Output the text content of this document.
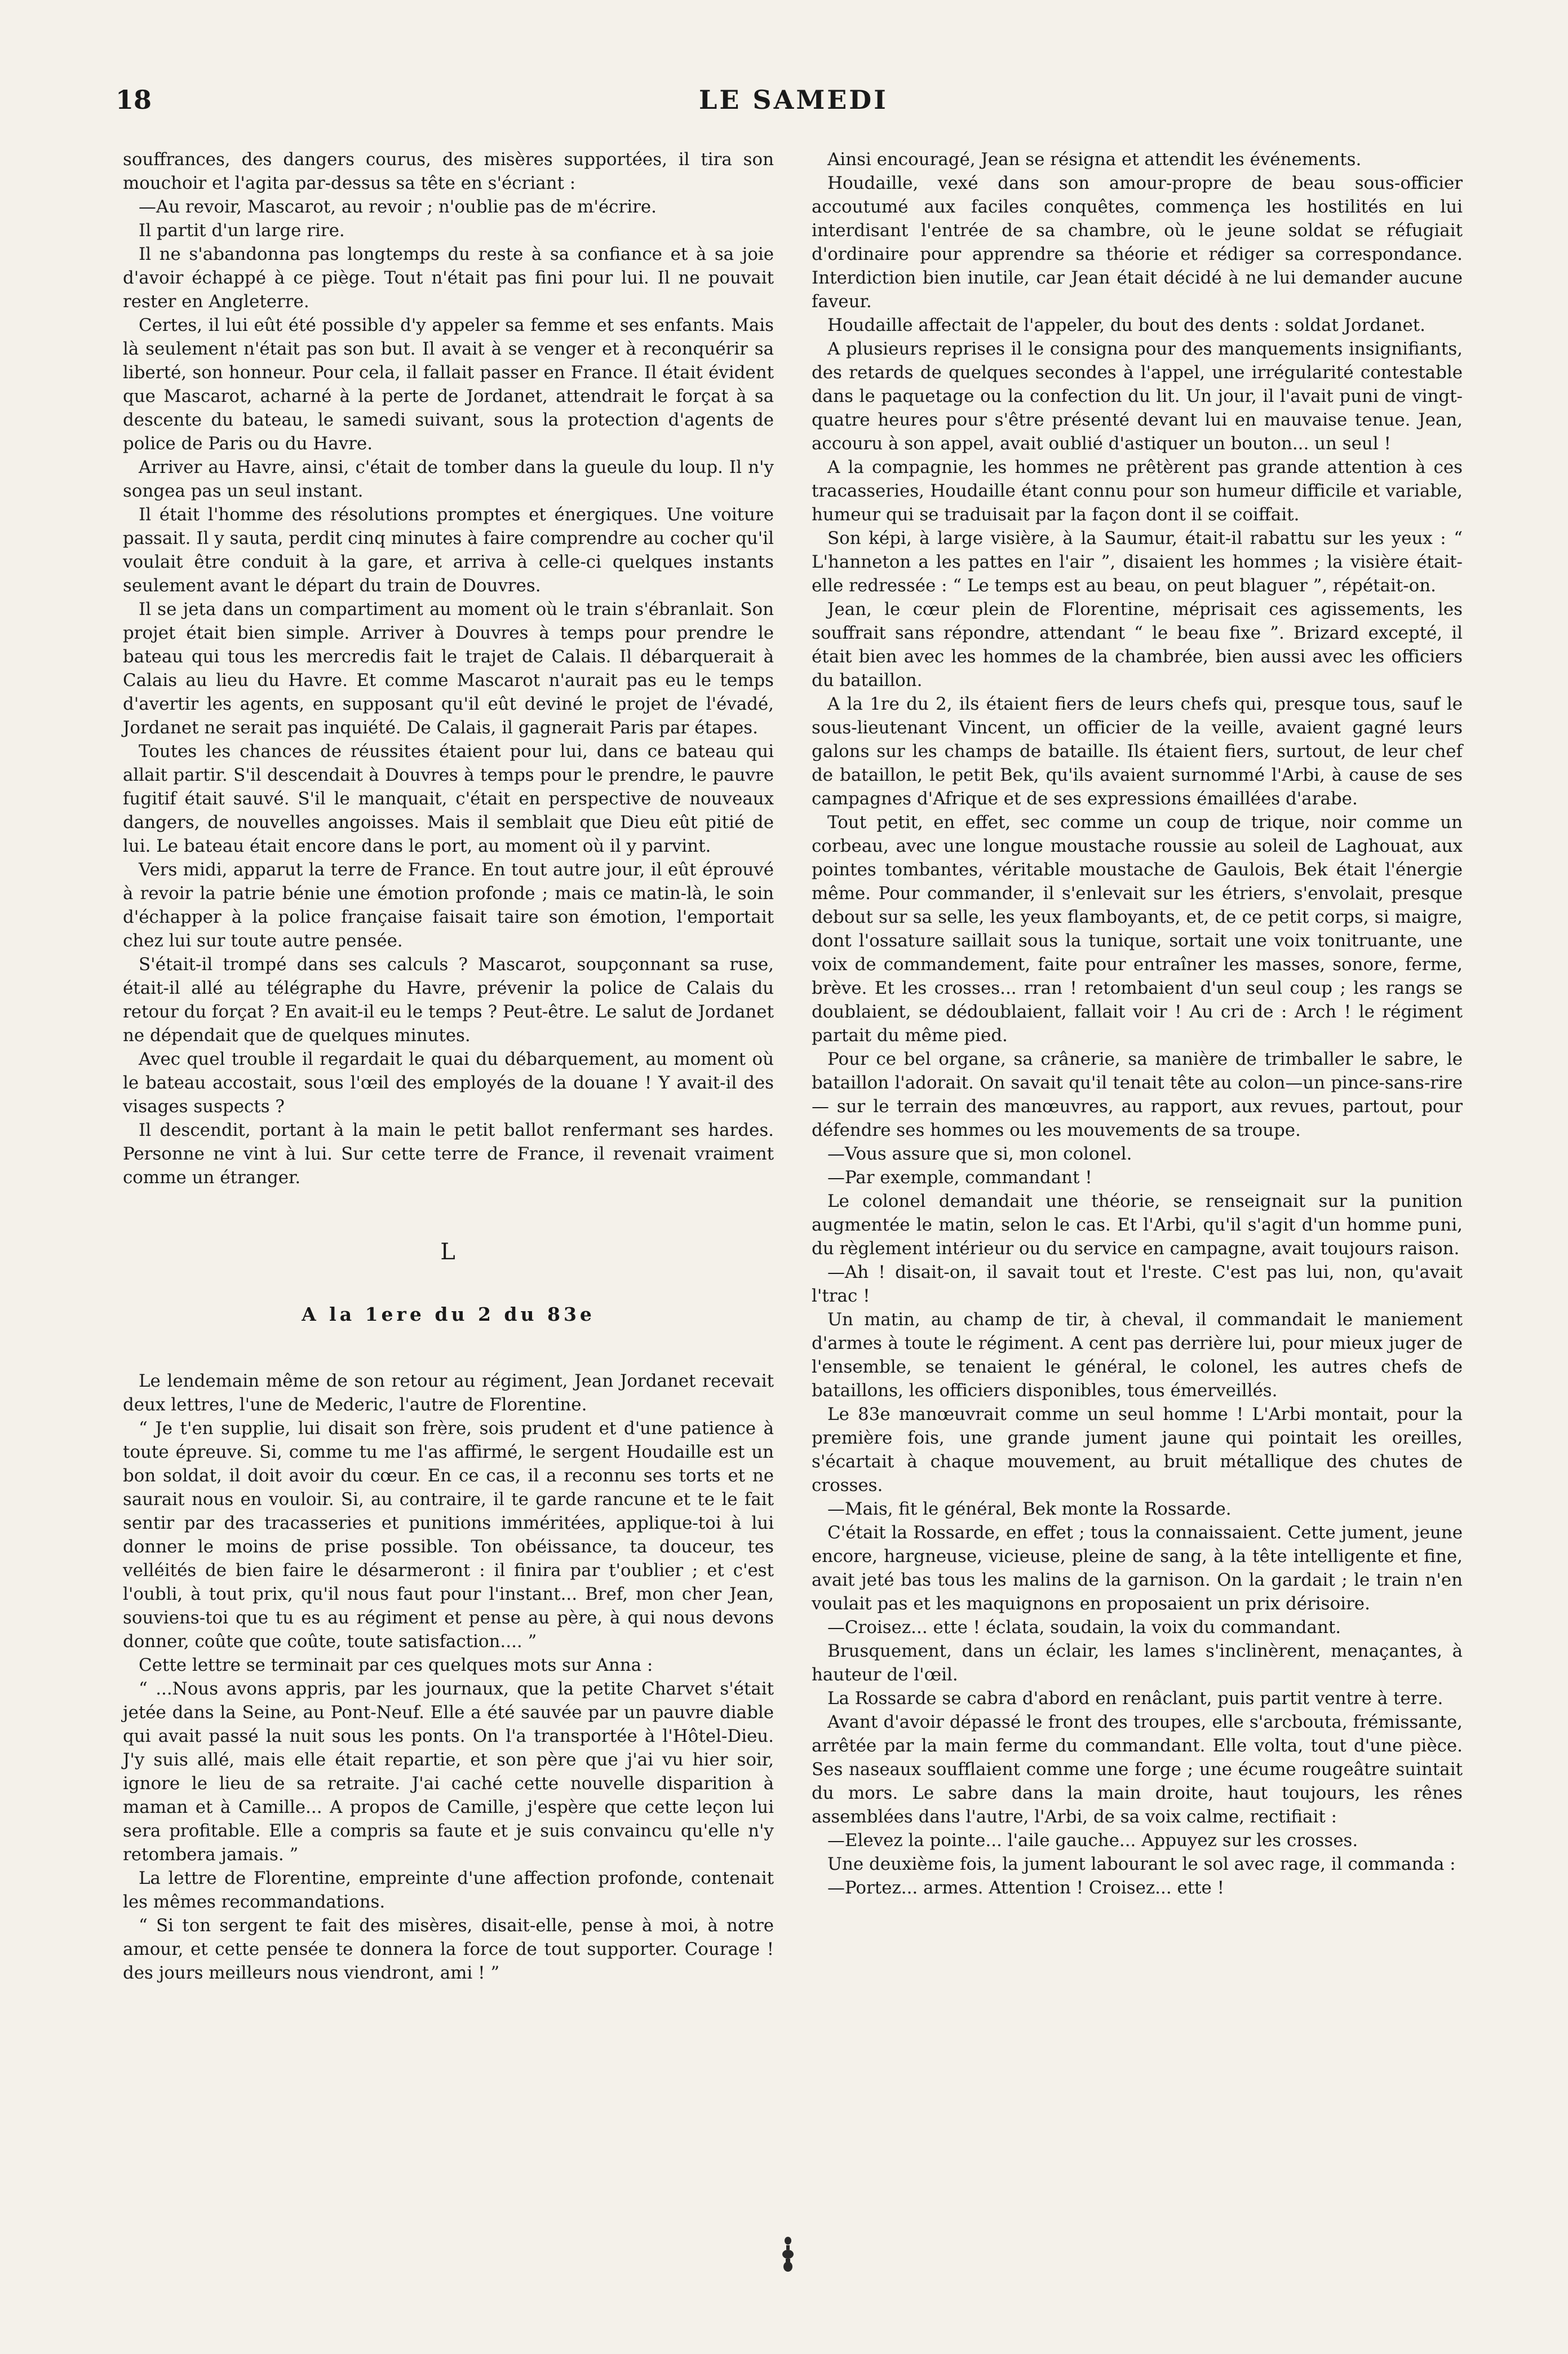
18	LE SAMEDI

souffrances, des dangers courus, des misères supportées, il tira son mouchoir et l'agita par-dessus sa tête en s'écriant :

—Au revoir, Mascarot, au revoir ; n'oublie pas de m'écrire.

Il partit d'un large rire.

Il ne s'abandonna pas longtemps du reste à sa confiance et à sa joie d'avoir échappé à ce piège. Tout n'était pas fini pour lui. Il ne pouvait rester en Angleterre.

Certes, il lui eût été possible d'y appeler sa femme et ses enfants. Mais là seulement n'était pas son but. Il avait à se venger et à reconquérir sa liberté, son honneur. Pour cela, il fallait passer en France. Il était évident que Mascarot, acharné à la perte de Jordanet, attendrait le forçat à sa descente du bateau, le samedi suivant, sous la protection d'agents de police de Paris ou du Havre.

Arriver au Havre, ainsi, c'était de tomber dans la gueule du loup. Il n'y songea pas un seul instant.

Il était l'homme des résolutions promptes et énergiques. Une voiture passait. Il y sauta, perdit cinq minutes à faire comprendre au cocher qu'il voulait être conduit à la gare, et arriva à celle-ci quelques instants seulement avant le départ du train de Douvres.

Il se jeta dans un compartiment au moment où le train s'ébranlait. Son projet était bien simple. Arriver à Douvres à temps pour prendre le bateau qui tous les mercredis fait le trajet de Calais. Il débarquerait à Calais au lieu du Havre. Et comme Mascarot n'aurait pas eu le temps d'avertir les agents, en supposant qu'il eût deviné le projet de l'évadé, Jordanet ne serait pas inquiété. De Calais, il gagnerait Paris par étapes.

Toutes les chances de réussites étaient pour lui, dans ce bateau qui allait partir. S'il descendait à Douvres à temps pour le prendre, le pauvre fugitif était sauvé. S'il le manquait, c'était en perspective de nouveaux dangers, de nouvelles angoisses. Mais il semblait que Dieu eût pitié de lui. Le bateau était encore dans le port, au moment où il y parvint.

Vers midi, apparut la terre de France. En tout autre jour, il eût éprouvé à revoir la patrie bénie une émotion profonde ; mais ce matin-là, le soin d'échapper à la police française faisait taire son émotion, l'emportait chez lui sur toute autre pensée.

S'était-il trompé dans ses calculs ? Mascarot, soupçonnant sa ruse, était-il allé au télégraphe du Havre, prévenir la police de Calais du retour du forçat ? En avait-il eu le temps ? Peut-être. Le salut de Jordanet ne dépendait que de quelques minutes.

Avec quel trouble il regardait le quai du débarquement, au moment où le bateau accostait, sous l'œil des employés de la douane ! Y avait-il des visages suspects ?

Il descendit, portant à la main le petit ballot renfermant ses hardes. Personne ne vint à lui. Sur cette terre de France, il revenait vraiment comme un étranger.

L
A la 1ere du 2 du 83e

Le lendemain même de son retour au régiment, Jean Jordanet recevait deux lettres, l'une de Mederic, l'autre de Florentine.

“ Je t'en supplie, lui disait son frère, sois prudent et d'une patience à toute épreuve. Si, comme tu me l'as affirmé, le sergent Houdaille est un bon soldat, il doit avoir du cœur. En ce cas, il a reconnu ses torts et ne saurait nous en vouloir. Si, au contraire, il te garde rancune et te le fait sentir par des tracasseries et punitions imméritées, applique-toi à lui donner le moins de prise possible. Ton obéissance, ta douceur, tes velléités de bien faire le désarmeront : il finira par t'oublier ; et c'est l'oubli, à tout prix, qu'il nous faut pour l'instant... Bref, mon cher Jean, souviens-toi que tu es au régiment et pense au père, à qui nous devons donner, coûte que coûte, toute satisfaction.... ”

Cette lettre se terminait par ces quelques mots sur Anna :

“ ...Nous avons appris, par les journaux, que la petite Charvet s'était jetée dans la Seine, au Pont-Neuf. Elle a été sauvée par un pauvre diable qui avait passé la nuit sous les ponts. On l'a transportée à l'Hôtel-Dieu. J'y suis allé, mais elle était repartie, et son père que j'ai vu hier soir, ignore le lieu de sa retraite. J'ai caché cette nouvelle disparition à maman et à Camille... A propos de Camille, j'espère que cette leçon lui sera profitable. Elle a compris sa faute et je suis convaincu qu'elle n'y retombera jamais. ”

La lettre de Florentine, empreinte d'une affection profonde, contenait les mêmes recommandations.

“ Si ton sergent te fait des misères, disait-elle, pense à moi, à notre amour, et cette pensée te donnera la force de tout supporter. Courage ! des jours meilleurs nous viendront, ami ! ”

Ainsi encouragé, Jean se résigna et attendit les événements.

Houdaille, vexé dans son amour-propre de beau sous-officier accoutumé aux faciles conquêtes, commença les hostilités en lui interdisant l'entrée de sa chambre, où le jeune soldat se réfugiait d'ordinaire pour apprendre sa théorie et rédiger sa correspondance. Interdiction bien inutile, car Jean était décidé à ne lui demander aucune faveur.

Houdaille affectait de l'appeler, du bout des dents : soldat Jordanet.

A plusieurs reprises il le consigna pour des manquements insignifiants, des retards de quelques secondes à l'appel, une irrégularité contestable dans le paquetage ou la confection du lit. Un jour, il l'avait puni de vingt-quatre heures pour s'être présenté devant lui en mauvaise tenue. Jean, accouru à son appel, avait oublié d'astiquer un bouton... un seul !

A la compagnie, les hommes ne prêtèrent pas grande attention à ces tracasseries, Houdaille étant connu pour son humeur difficile et variable, humeur qui se traduisait par la façon dont il se coiffait.

Son képi, à large visière, à la Saumur, était-il rabattu sur les yeux : “ L'hanneton a les pattes en l'air ”, disaient les hommes ; la visière était-elle redressée : “ Le temps est au beau, on peut blaguer ”, répétait-on.

Jean, le cœur plein de Florentine, méprisait ces agissements, les souffrait sans répondre, attendant “ le beau fixe ”. Brizard excepté, il était bien avec les hommes de la chambrée, bien aussi avec les officiers du bataillon.

A la 1re du 2, ils étaient fiers de leurs chefs qui, presque tous, sauf le sous-lieutenant Vincent, un officier de la veille, avaient gagné leurs galons sur les champs de bataille. Ils étaient fiers, surtout, de leur chef de bataillon, le petit Bek, qu'ils avaient surnommé l'Arbi, à cause de ses campagnes d'Afrique et de ses expressions émaillées d'arabe.

Tout petit, en effet, sec comme un coup de trique, noir comme un corbeau, avec une longue moustache roussie au soleil de Laghouat, aux pointes tombantes, véritable moustache de Gaulois, Bek était l'énergie même. Pour commander, il s'enlevait sur les étriers, s'envolait, presque debout sur sa selle, les yeux flamboyants, et, de ce petit corps, si maigre, dont l'ossature saillait sous la tunique, sortait une voix tonitruante, une voix de commandement, faite pour entraîner les masses, sonore, ferme, brève. Et les crosses... rran ! retombaient d'un seul coup ; les rangs se doublaient, se dédoublaient, fallait voir ! Au cri de : Arch ! le régiment partait du même pied.

Pour ce bel organe, sa crânerie, sa manière de trimballer le sabre, le bataillon l'adorait. On savait qu'il tenait tête au colon—un pince-sans-rire — sur le terrain des manœuvres, au rapport, aux revues, partout, pour défendre ses hommes ou les mouvements de sa troupe.

—Vous assure que si, mon colonel.

—Par exemple, commandant !

Le colonel demandait une théorie, se renseignait sur la punition augmentée le matin, selon le cas. Et l'Arbi, qu'il s'agit d'un homme puni, du règlement intérieur ou du service en campagne, avait toujours raison.

—Ah ! disait-on, il savait tout et l'reste. C'est pas lui, non, qu'avait l'trac !

Un matin, au champ de tir, à cheval, il commandait le maniement d'armes à toute le régiment. A cent pas derrière lui, pour mieux juger de l'ensemble, se tenaient le général, le colonel, les autres chefs de bataillons, les officiers disponibles, tous émerveillés.

Le 83e manœuvrait comme un seul homme ! L'Arbi montait, pour la première fois, une grande jument jaune qui pointait les oreilles, s'écartait à chaque mouvement, au bruit métallique des chutes de crosses.

—Mais, fit le général, Bek monte la Rossarde.

C'était la Rossarde, en effet ; tous la connaissaient. Cette jument, jeune encore, hargneuse, vicieuse, pleine de sang, à la tête intelligente et fine, avait jeté bas tous les malins de la garnison. On la gardait ; le train n'en voulait pas et les maquignons en proposaient un prix dérisoire.

—Croisez... ette ! éclata, soudain, la voix du commandant.

Brusquement, dans un éclair, les lames s'inclinèrent, menaçantes, à hauteur de l'œil.

La Rossarde se cabra d'abord en renâclant, puis partit ventre à terre.

Avant d'avoir dépassé le front des troupes, elle s'arcbouta, frémissante, arrêtée par la main ferme du commandant. Elle volta, tout d'une pièce. Ses naseaux soufflaient comme une forge ; une écume rougeâtre suintait du mors. Le sabre dans la main droite, haut toujours, les rênes assemblées dans l'autre, l'Arbi, de sa voix calme, rectifiait :

—Elevez la pointe... l'aile gauche... Appuyez sur les crosses.

Une deuxième fois, la jument labourant le sol avec rage, il commanda :

—Portez... armes. Attention ! Croisez... ette !
